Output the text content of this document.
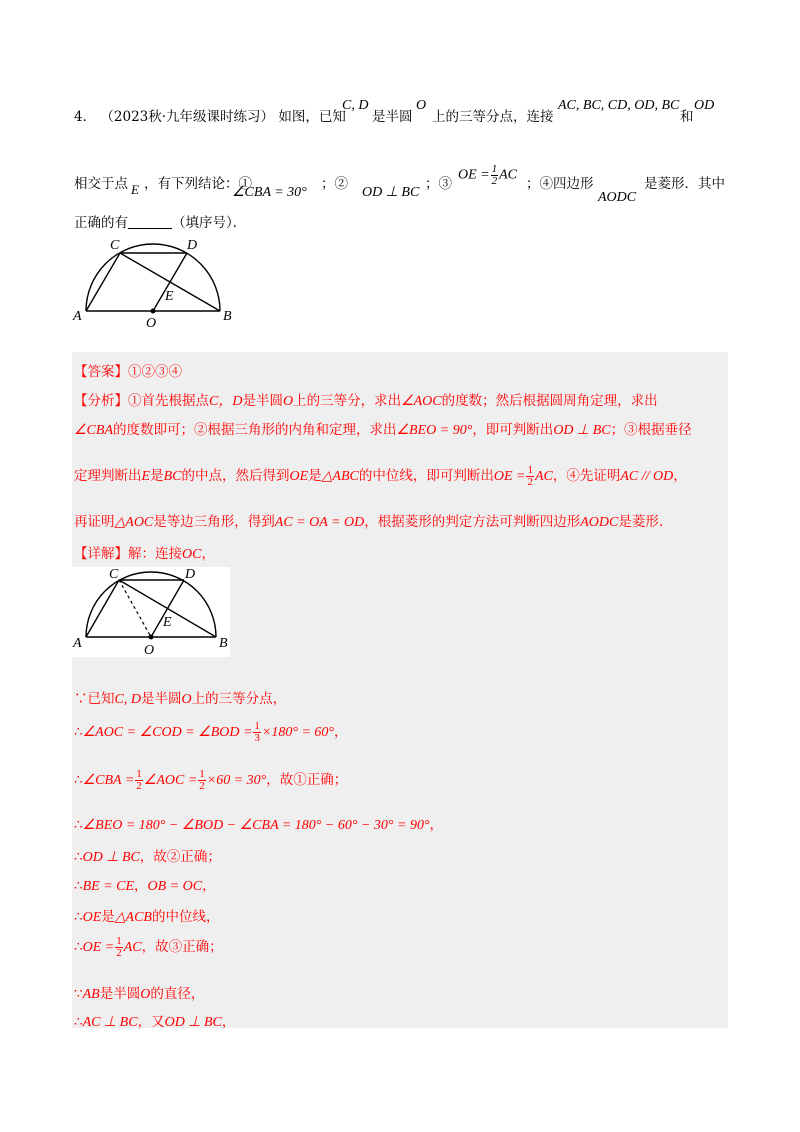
4． （2023秋·九年级课时练习） 如图，已知
C, D
是半圆
O
上的三等分点，连接
AC, BC, CD, OD, BC
和
OD
相交于点 E ，有下列结论：①
∠CBA = 30°
；②
OD ⊥ BC
；③
OE = $\frac{1}{2}$ AC
；④四边形
AODC
是菱形．其中
正确的有	（填序号）．
A	B
C	D
E
O
【答案】①②③④
【分析】①首先根据点C，D是半圆O上的三等分，求出∠AOC的度数；然后根据圆周角定理，求出
∠CBA的度数即可；②根据三角形的内角和定理，求出∠BEO = 90°，即可判断出OD ⊥ BC；③根据垂径
定理判断出E是BC的中点，然后得到OE是△ABC的中位线，即可判断出OE = $\frac{1}{2}$ AC，④先证明AC // OD，
再证明△AOC是等边三角形，得到AC = OA = OD，根据菱形的判定方法可判断四边形AODC是菱形.
【详解】解：连接OC，
A	B
C	D
E
O
∵已知C, D是半圆O上的三等分点，
∴∠AOC = ∠COD = ∠BOD = $\frac{1}{3} \times 180^\circ = 60^\circ$，
∴∠CBA = $\frac{1}{2}$ ∠AOC = $\frac{1}{2} \times 60 = 30^\circ$，故①正确；
∴∠BEO = 180° − ∠BOD − ∠CBA = 180° − 60° − 30° = 90°，
∴OD ⊥ BC，故②正确；
∴BE = CE，OB = OC，
∴OE是△ACB的中位线，
∴OE = $\frac{1}{2}$ AC，故③正确；
∵AB是半圆O的直径，
∴AC ⊥ BC，又OD ⊥ BC，
